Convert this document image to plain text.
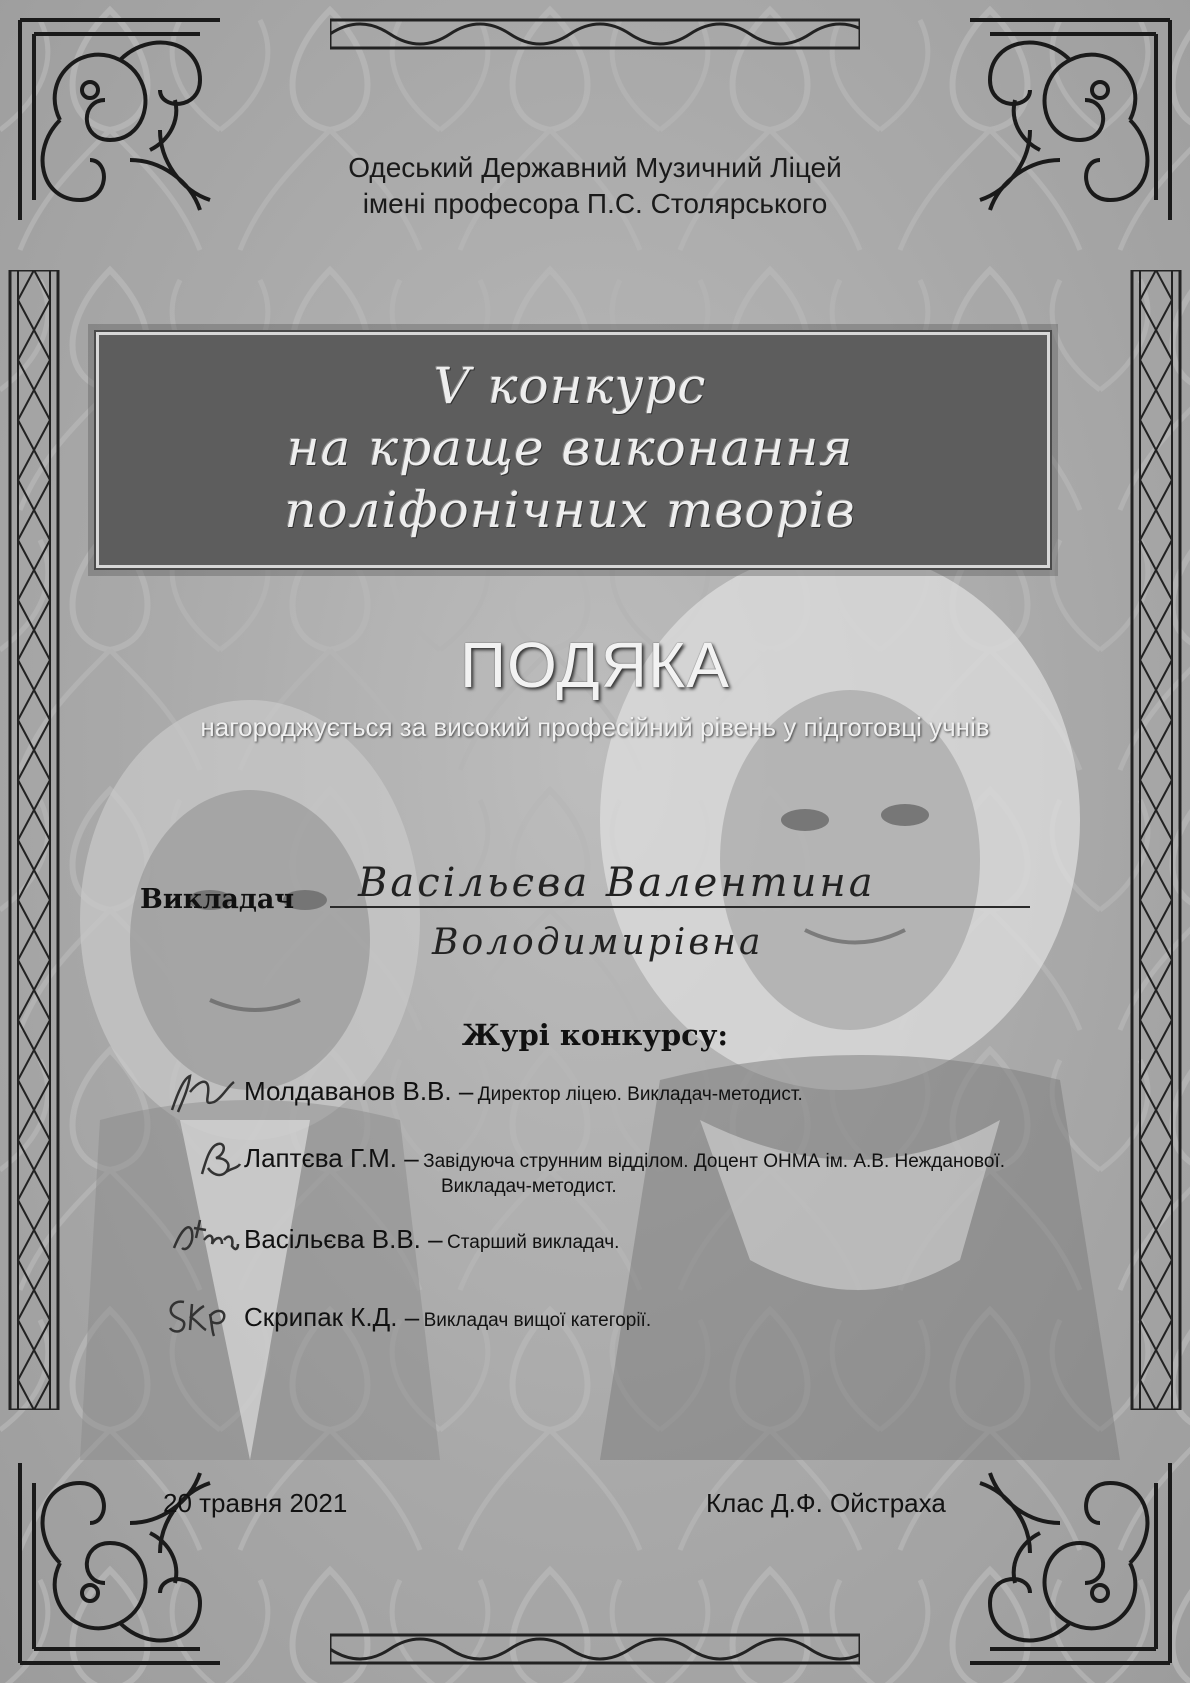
Одеський Державний Музичний Ліцей
імені професора П.С. Столярського
V конкурс
на краще виконання
поліфонічних творів
ПОДЯКА
нагороджується за високий професійний рівень у підготовці учнів
Викладач Васільєва Валентина
Володимирівна
Журі конкурсу:
Молдаванов В.В. – Директор ліцею. Викладач-методист.
Лаптєва Г.М. – Завідуюча струнним відділом. Доцент ОНМА ім. А.В. Нежданової.
Викладач-методист.
Васільєва В.В. – Старший викладач.
Скрипак К.Д. – Викладач вищої категорії.
20 травня 2021	Клас Д.Ф. Ойстраха
